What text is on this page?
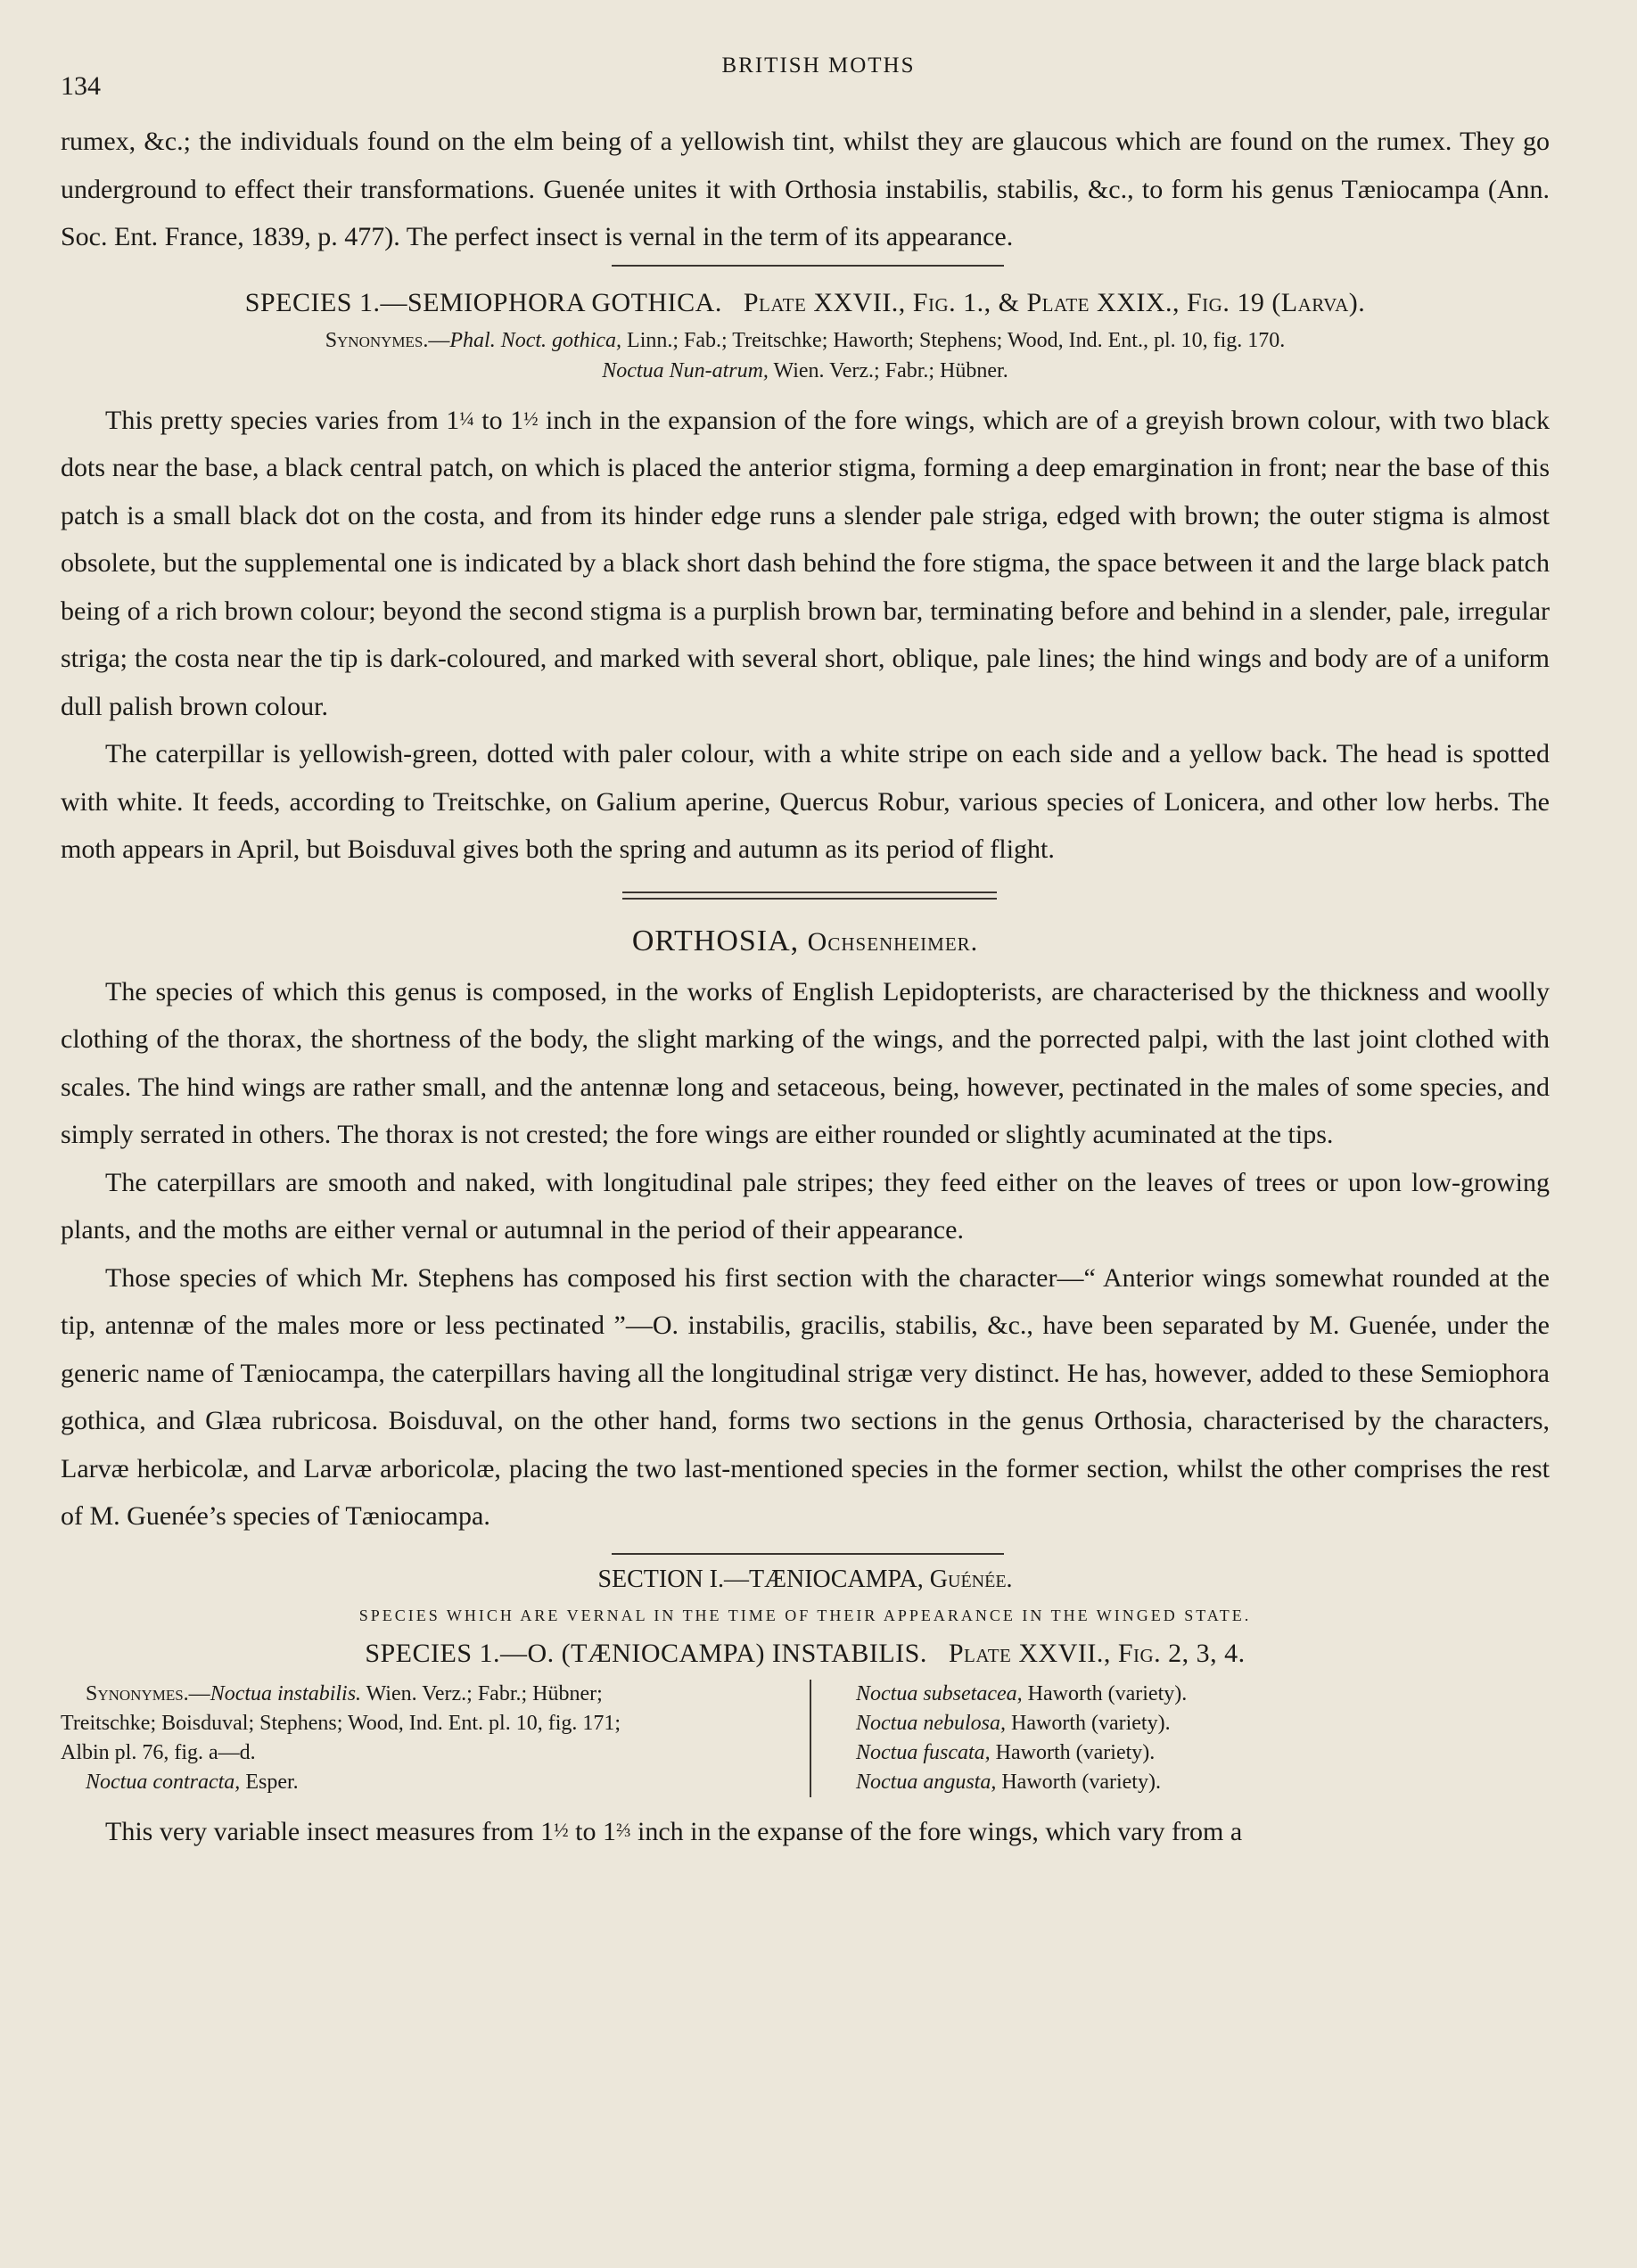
BRITISH MOTHS
134

rumex, &c.; the individuals found on the elm being of a yellowish tint, whilst they are glaucous which are found on the rumex. They go underground to effect their transformations. Guenée unites it with Orthosia instabilis, stabilis, &c., to form his genus Tæniocampa (Ann. Soc. Ent. France, 1839, p. 477). The perfect insect is vernal in the term of its appearance.

SPECIES 1.—SEMIOPHORA GOTHICA. Plate XXVII., Fig. 1., & Plate XXIX., Fig. 19 (Larva).
Synonymes.—Phal. Noct. gothica, Linn.; Fab.; Treitschke; Haworth; Stephens; Wood, Ind. Ent., pl. 10, fig. 170.
Noctua Nun-atrum, Wien. Verz.; Fabr.; Hübner.

This pretty species varies from 1¼ to 1½ inch in the expansion of the fore wings, which are of a greyish brown colour, with two black dots near the base, a black central patch, on which is placed the anterior stigma, forming a deep emargination in front; near the base of this patch is a small black dot on the costa, and from its hinder edge runs a slender pale striga, edged with brown; the outer stigma is almost obsolete, but the supplemental one is indicated by a black short dash behind the fore stigma, the space between it and the large black patch being of a rich brown colour; beyond the second stigma is a purplish brown bar, terminating before and behind in a slender, pale, irregular striga; the costa near the tip is dark-coloured, and marked with several short, oblique, pale lines; the hind wings and body are of a uniform dull palish brown colour.

The caterpillar is yellowish-green, dotted with paler colour, with a white stripe on each side and a yellow back. The head is spotted with white. It feeds, according to Treitschke, on Galium aperine, Quercus Robur, various species of Lonicera, and other low herbs. The moth appears in April, but Boisduval gives both the spring and autumn as its period of flight.

ORTHOSIA, Ochsenheimer.

The species of which this genus is composed, in the works of English Lepidopterists, are characterised by the thickness and woolly clothing of the thorax, the shortness of the body, the slight marking of the wings, and the porrected palpi, with the last joint clothed with scales. The hind wings are rather small, and the antennæ long and setaceous, being, however, pectinated in the males of some species, and simply serrated in others. The thorax is not crested; the fore wings are either rounded or slightly acuminated at the tips.

The caterpillars are smooth and naked, with longitudinal pale stripes; they feed either on the leaves of trees or upon low-growing plants, and the moths are either vernal or autumnal in the period of their appearance.

Those species of which Mr. Stephens has composed his first section with the character—“ Anterior wings somewhat rounded at the tip, antennæ of the males more or less pectinated ”—O. instabilis, gracilis, stabilis, &c., have been separated by M. Guenée, under the generic name of Tæniocampa, the caterpillars having all the longitudinal strigæ very distinct. He has, however, added to these Semiophora gothica, and Glæa rubricosa. Boisduval, on the other hand, forms two sections in the genus Orthosia, characterised by the characters, Larvæ herbicolæ, and Larvæ arboricolæ, placing the two last-mentioned species in the former section, whilst the other comprises the rest of M. Guenée’s species of Tæniocampa.

SECTION I.—TÆNIOCAMPA, Guénée.
SPECIES WHICH ARE VERNAL IN THE TIME OF THEIR APPEARANCE IN THE WINGED STATE.
SPECIES 1.—O. (TÆNIOCAMPA) INSTABILIS. Plate XXVII., Fig. 2, 3, 4.
Synonymes.—Noctua instabilis. Wien. Verz.; Fabr.; Hübner;
Treitschke; Boisduval; Stephens; Wood, Ind. Ent. pl. 10, fig. 171;
Albin pl. 76, fig. a—d.
Noctua contracta, Esper.
Noctua subsetacea, Haworth (variety).
Noctua nebulosa, Haworth (variety).
Noctua fuscata, Haworth (variety).
Noctua angusta, Haworth (variety).

This very variable insect measures from 1½ to 1⅔ inch in the expanse of the fore wings, which vary from a
